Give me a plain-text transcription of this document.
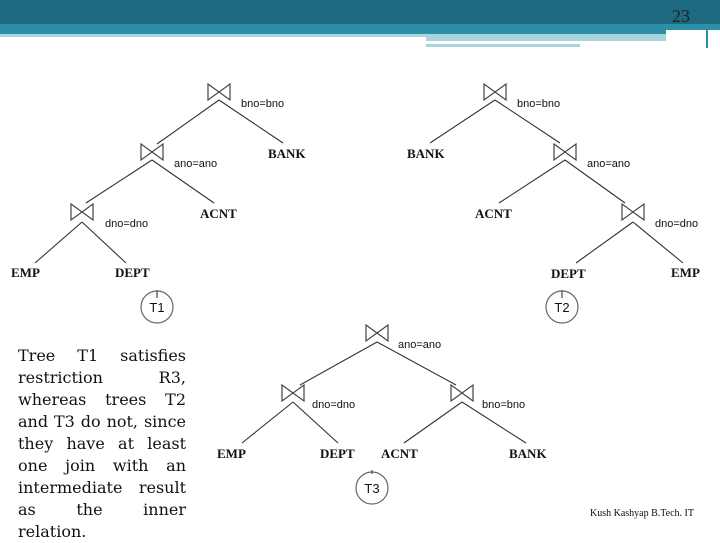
23
bno=bno
ano=ano
dno=dno
BANK
ACNT
EMP	DEPT
T1
bno=bno
ano=ano
dno=dno
BANK
ACNT
DEPT	EMP
T2
ano=ano
dno=dno	bno=bno
EMP	DEPT ACNT	BANK
T3
Tree T1 satisfies restriction R3, whereas trees T2 and T3 do not, since they have at least one join with an intermediate result as the inner relation.
Kush Kashyap B.Tech. IT
